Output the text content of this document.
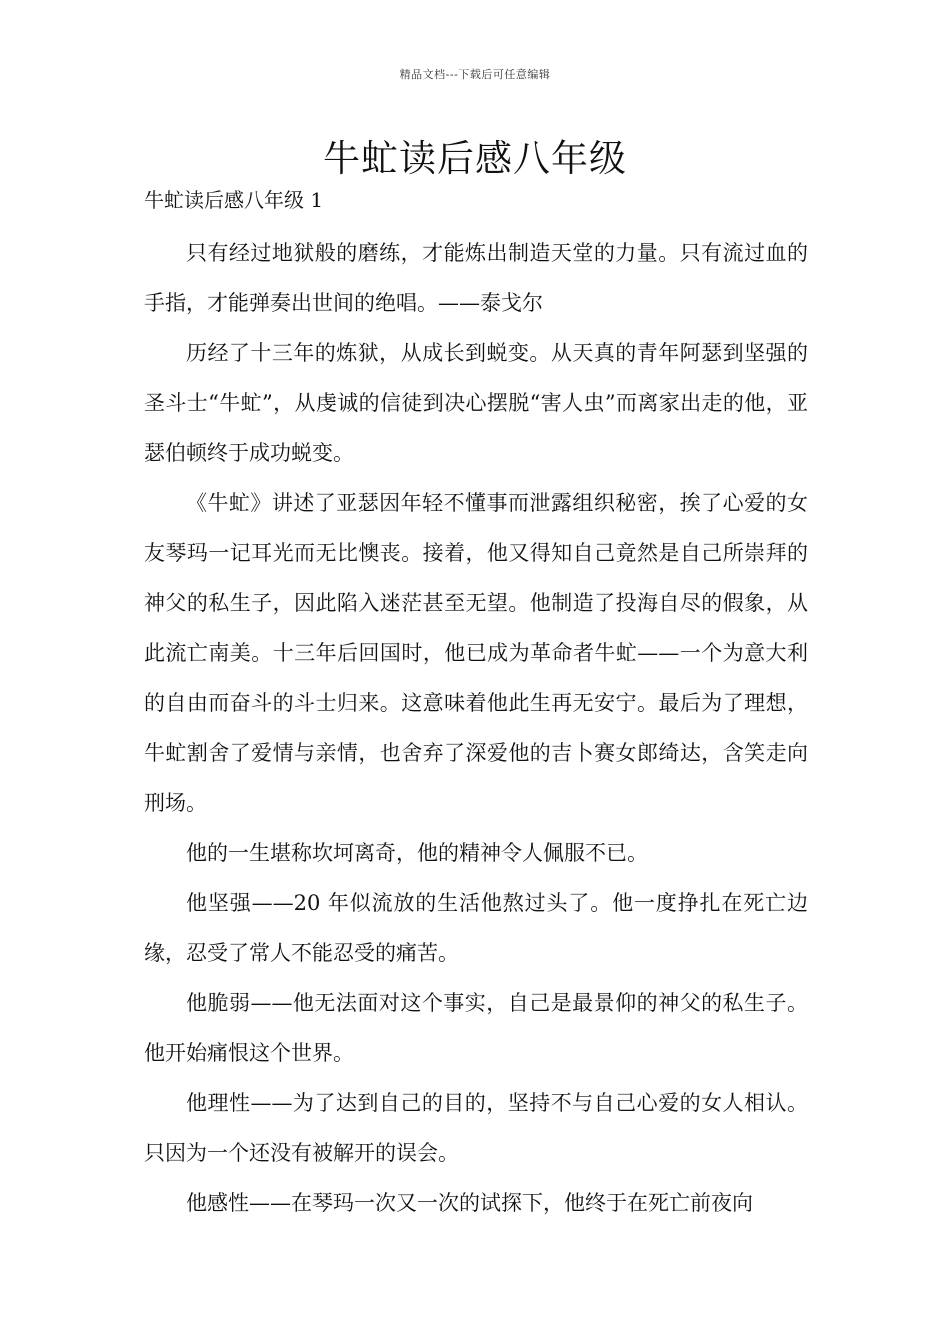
精品文档---下载后可任意编辑
牛虻读后感八年级

牛虻读后感八年级 1

只有经过地狱般的磨练，才能炼出制造天堂的力量。只有流过血的手指，才能弹奏出世间的绝唱。——泰戈尔

历经了十三年的炼狱，从成长到蜕变。从天真的青年阿瑟到坚强的圣斗士“牛虻”，从虔诚的信徒到决心摆脱“害人虫”而离家出走的他，亚瑟伯顿终于成功蜕变。

《牛虻》讲述了亚瑟因年轻不懂事而泄露组织秘密，挨了心爱的女友琴玛一记耳光而无比懊丧。接着，他又得知自己竟然是自己所崇拜的神父的私生子，因此陷入迷茫甚至无望。他制造了投海自尽的假象，从此流亡南美。十三年后回国时，他已成为革命者牛虻——一个为意大利的自由而奋斗的斗士归来。这意味着他此生再无安宁。最后为了理想，牛虻割舍了爱情与亲情，也舍弃了深爱他的吉卜赛女郎绮达，含笑走向刑场。

他的一生堪称坎坷离奇，他的精神令人佩服不已。

他坚强——20 年似流放的生活他熬过头了。他一度挣扎在死亡边缘，忍受了常人不能忍受的痛苦。

他脆弱——他无法面对这个事实，自己是最景仰的神父的私生子。他开始痛恨这个世界。

他理性——为了达到自己的目的，坚持不与自己心爱的女人相认。只因为一个还没有被解开的误会。

他感性——在琴玛一次又一次的试探下，他终于在死亡前夜向
